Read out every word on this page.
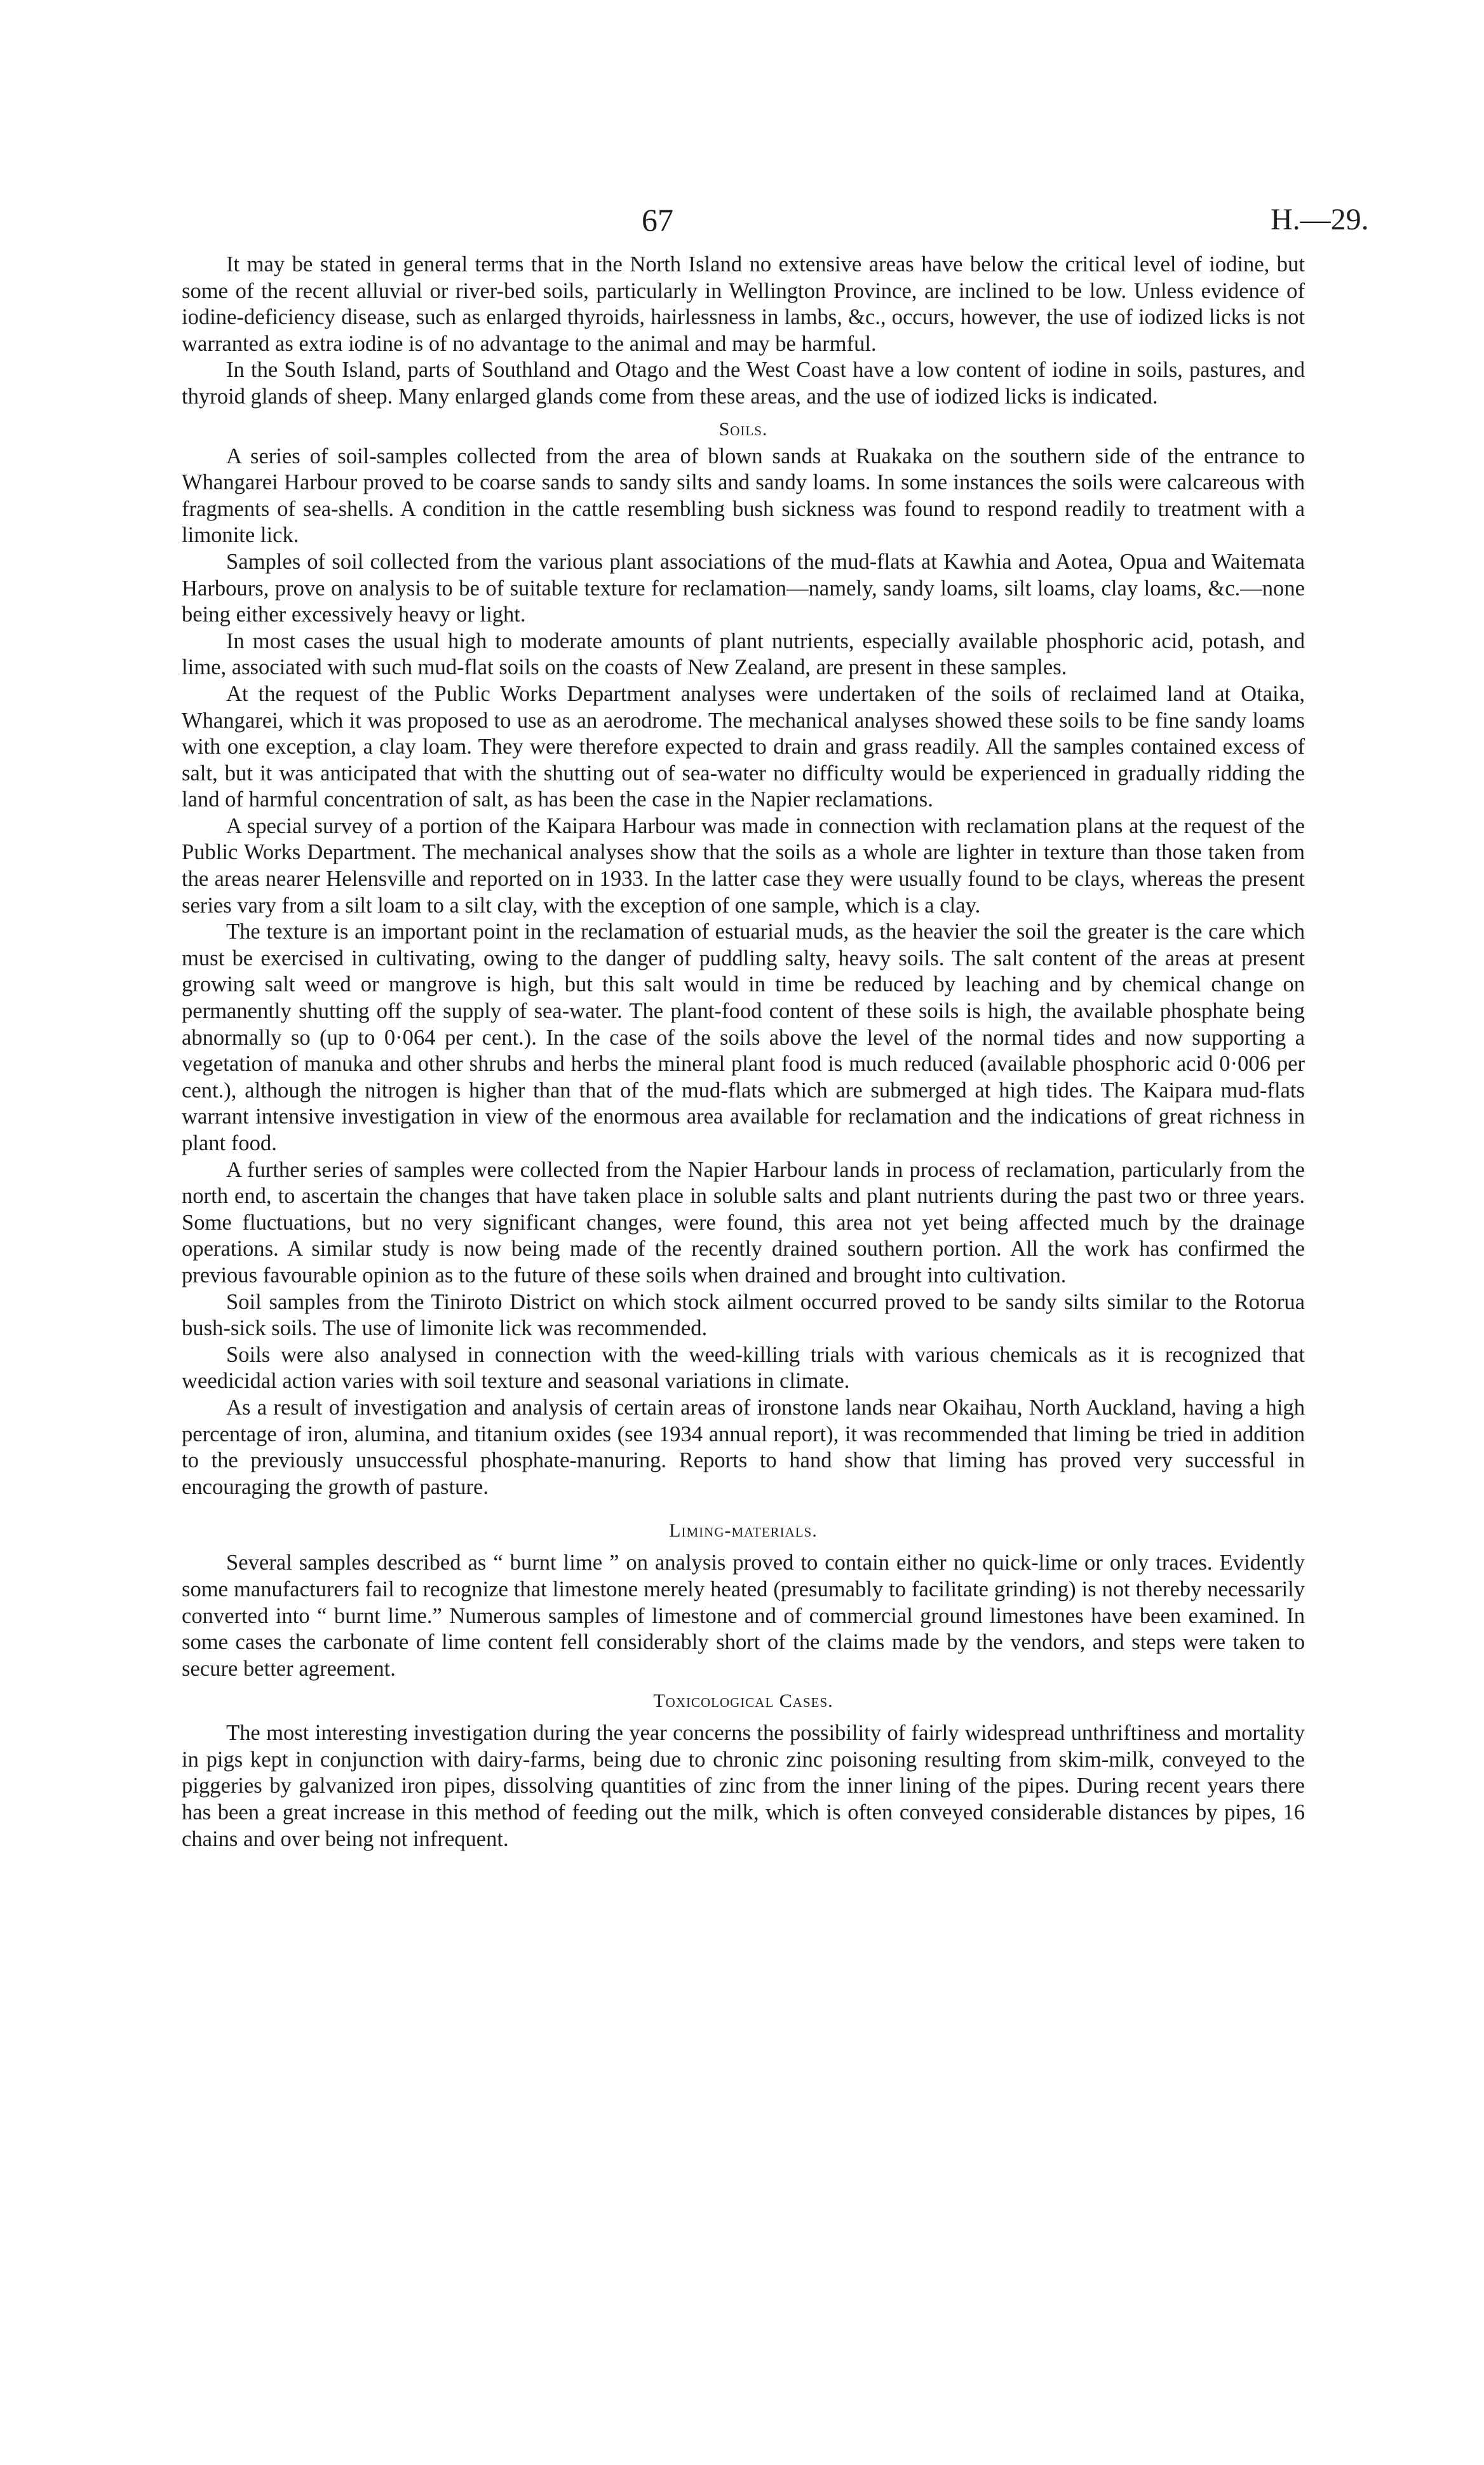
67	H.—29.

It may be stated in general terms that in the North Island no extensive areas have below the critical level of iodine, but some of the recent alluvial or river-bed soils, particularly in Wellington Province, are inclined to be low. Unless evidence of iodine-deficiency disease, such as enlarged thyroids, hairlessness in lambs, &c., occurs, however, the use of iodized licks is not warranted as extra iodine is of no advantage to the animal and may be harmful.

In the South Island, parts of Southland and Otago and the West Coast have a low content of iodine in soils, pastures, and thyroid glands of sheep. Many enlarged glands come from these areas, and the use of iodized licks is indicated.

Soils.

A series of soil-samples collected from the area of blown sands at Ruakaka on the southern side of the entrance to Whangarei Harbour proved to be coarse sands to sandy silts and sandy loams. In some instances the soils were calcareous with fragments of sea-shells. A condition in the cattle resembling bush sickness was found to respond readily to treatment with a limonite lick.

Samples of soil collected from the various plant associations of the mud-flats at Kawhia and Aotea, Opua and Waitemata Harbours, prove on analysis to be of suitable texture for reclamation—namely, sandy loams, silt loams, clay loams, &c.—none being either excessively heavy or light.

In most cases the usual high to moderate amounts of plant nutrients, especially available phosphoric acid, potash, and lime, associated with such mud-flat soils on the coasts of New Zealand, are present in these samples.

At the request of the Public Works Department analyses were undertaken of the soils of reclaimed land at Otaika, Whangarei, which it was proposed to use as an aerodrome. The mechanical analyses showed these soils to be fine sandy loams with one exception, a clay loam. They were therefore expected to drain and grass readily. All the samples contained excess of salt, but it was anticipated that with the shutting out of sea-water no difficulty would be experienced in gradually ridding the land of harmful concentration of salt, as has been the case in the Napier reclamations.

A special survey of a portion of the Kaipara Harbour was made in connection with reclamation plans at the request of the Public Works Department. The mechanical analyses show that the soils as a whole are lighter in texture than those taken from the areas nearer Helensville and reported on in 1933. In the latter case they were usually found to be clays, whereas the present series vary from a silt loam to a silt clay, with the exception of one sample, which is a clay.

The texture is an important point in the reclamation of estuarial muds, as the heavier the soil the greater is the care which must be exercised in cultivating, owing to the danger of puddling salty, heavy soils. The salt content of the areas at present growing salt weed or mangrove is high, but this salt would in time be reduced by leaching and by chemical change on permanently shutting off the supply of sea-water. The plant-food content of these soils is high, the available phosphate being abnormally so (up to 0·064 per cent.). In the case of the soils above the level of the normal tides and now supporting a vegetation of manuka and other shrubs and herbs the mineral plant food is much reduced (available phosphoric acid 0·006 per cent.), although the nitrogen is higher than that of the mud-flats which are submerged at high tides. The Kaipara mud-flats warrant intensive investigation in view of the enormous area available for reclamation and the indications of great richness in plant food.

A further series of samples were collected from the Napier Harbour lands in process of reclamation, particularly from the north end, to ascertain the changes that have taken place in soluble salts and plant nutrients during the past two or three years. Some fluctuations, but no very significant changes, were found, this area not yet being affected much by the drainage operations. A similar study is now being made of the recently drained southern portion. All the work has confirmed the previous favourable opinion as to the future of these soils when drained and brought into cultivation.

Soil samples from the Tiniroto District on which stock ailment occurred proved to be sandy silts similar to the Rotorua bush-sick soils. The use of limonite lick was recommended.

Soils were also analysed in connection with the weed-killing trials with various chemicals as it is recognized that weedicidal action varies with soil texture and seasonal variations in climate.

As a result of investigation and analysis of certain areas of ironstone lands near Okaihau, North Auckland, having a high percentage of iron, alumina, and titanium oxides (see 1934 annual report), it was recommended that liming be tried in addition to the previously unsuccessful phosphate-manuring. Reports to hand show that liming has proved very successful in encouraging the growth of pasture.

Liming-materials.

Several samples described as “ burnt lime ” on analysis proved to contain either no quick-lime or only traces. Evidently some manufacturers fail to recognize that limestone merely heated (presumably to facilitate grinding) is not thereby necessarily converted into “ burnt lime.” Numerous samples of limestone and of commercial ground limestones have been examined. In some cases the carbonate of lime content fell considerably short of the claims made by the vendors, and steps were taken to secure better agreement.

Toxicological Cases.

The most interesting investigation during the year concerns the possibility of fairly widespread unthriftiness and mortality in pigs kept in conjunction with dairy-farms, being due to chronic zinc poisoning resulting from skim-milk, conveyed to the piggeries by galvanized iron pipes, dissolving quantities of zinc from the inner lining of the pipes. During recent years there has been a great increase in this method of feeding out the milk, which is often conveyed considerable distances by pipes, 16 chains and over being not infrequent.
